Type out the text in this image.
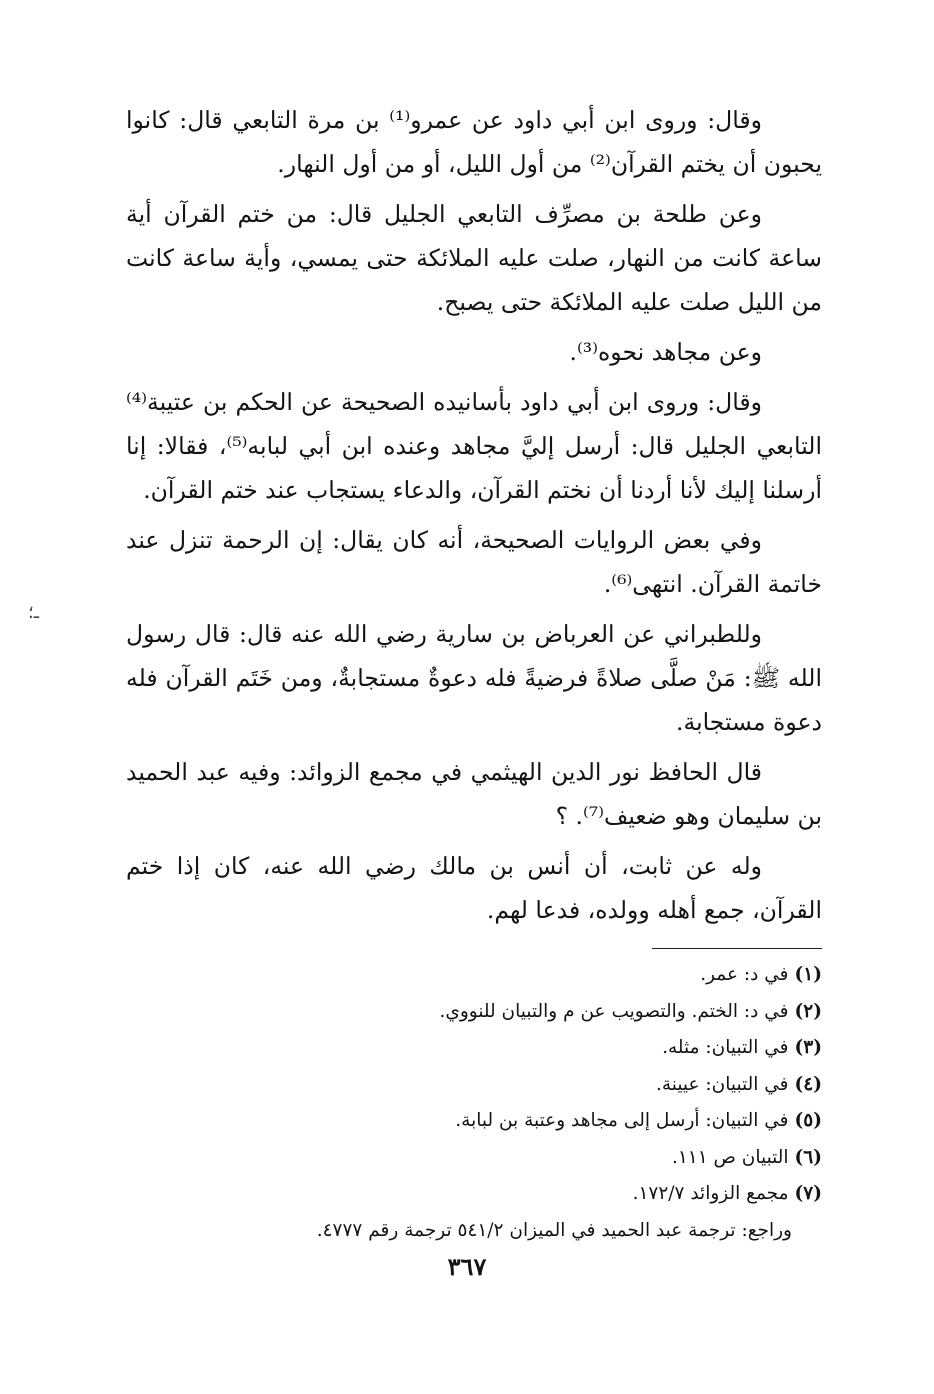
وقال: وروى ابن أبي داود عن عمرو⁽¹⁾ بن مرة التابعي قال: كانوا يحبون أن يختم القرآن⁽²⁾ من أول الليل، أو من أول النهار.

وعن طلحة بن مصرِّف التابعي الجليل قال: من ختم القرآن أية ساعة كانت من النهار، صلت عليه الملائكة حتى يمسي، وأية ساعة كانت من الليل صلت عليه الملائكة حتى يصبح.

وعن مجاهد نحوه⁽³⁾.

وقال: وروى ابن أبي داود بأسانيده الصحيحة عن الحكم بن عتيبة⁽⁴⁾ التابعي الجليل قال: أرسل إليَّ مجاهد وعنده ابن أبي لبابه⁽⁵⁾، فقالا: إنا أرسلنا إليك لأنا أردنا أن نختم القرآن، والدعاء يستجاب عند ختم القرآن.

وفي بعض الروايات الصحيحة، أنه كان يقال: إن الرحمة تنزل عند خاتمة القرآن. انتهى⁽⁶⁾.

وللطبراني عن العرباض بن سارية رضي الله عنه قال: قال رسول الله ﷺ: مَنْ صلَّى صلاةً فرضيةً فله دعوةٌ مستجابةٌ، ومن خَتَم القرآن فله دعوة مستجابة.

قال الحافظ نور الدين الهيثمي في مجمع الزوائد: وفيه عبد الحميد بن سليمان وهو ضعيف⁽⁷⁾. ؟

وله عن ثابت، أن أنس بن مالك رضي الله عنه، كان إذا ختم القرآن، جمع أهله وولده، فدعا لهم.

(١)في د: عمر.
(٢)في د: الختم. والتصويب عن م والتبيان للنووي.
(٣)في التبيان: مثله.
(٤)في التبيان: عيينة.
(٥)في التبيان: أرسل إلى مجاهد وعتبة بن لبابة.
(٦)التبيان ص ١١١.
(٧)مجمع الزوائد ١٧٢/٧.
وراجع: ترجمة عبد الحميد في الميزان ٥٤١/٢ ترجمة رقم ٤٧٧٧.
٣٦٧
ـ؛
